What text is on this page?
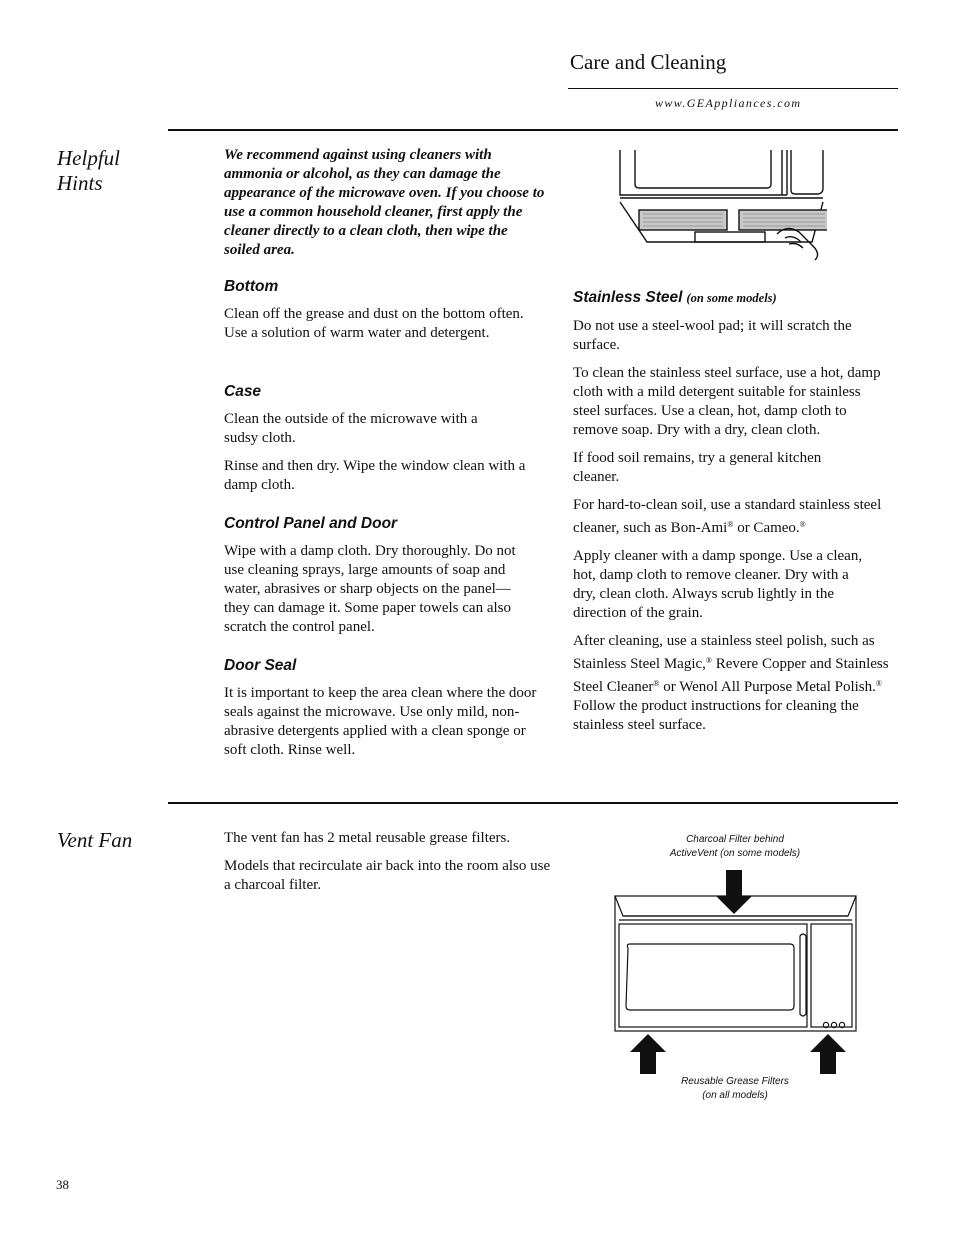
Care and Cleaning
www.GEAppliances.com
Helpful
Hints
We recommend against using cleaners with ammonia or alcohol, as they can damage the appearance of the microwave oven. If you choose to use a common household cleaner, first apply the cleaner directly to a clean cloth, then wipe the soiled area.
Bottom

Clean off the grease and dust on the bottom often. Use a solution of warm water and detergent.

Case

Clean the outside of the microwave with a sudsy cloth.

Rinse and then dry. Wipe the window clean with a damp cloth.

Control Panel and Door

Wipe with a damp cloth. Dry thoroughly. Do not use cleaning sprays, large amounts of soap and water, abrasives or sharp objects on the panel—they can damage it. Some paper towels can also scratch the control panel.

Door Seal

It is important to keep the area clean where the door seals against the microwave. Use only mild, non-abrasive detergents applied with a clean sponge or soft cloth. Rinse well.

Stainless Steel (on some models)

Do not use a steel-wool pad; it will scratch the surface.

To clean the stainless steel surface, use a hot, damp cloth with a mild detergent suitable for stainless steel surfaces. Use a clean, hot, damp cloth to remove soap. Dry with a dry, clean cloth.

If food soil remains, try a general kitchen cleaner.

For hard-to-clean soil, use a standard stainless steel cleaner, such as Bon-Ami® or Cameo.®

Apply cleaner with a damp sponge. Use a clean, hot, damp cloth to remove cleaner. Dry with a dry, clean cloth. Always scrub lightly in the direction of the grain.

After cleaning, use a stainless steel polish, such as Stainless Steel Magic,® Revere Copper and Stainless Steel Cleaner® or Wenol All Purpose Metal Polish.® Follow the product instructions for cleaning the stainless steel surface.

Vent Fan	The vent fan has 2 metal reusable grease filters.

Models that recirculate air back into the room also use a charcoal filter.

Charcoal Filter behind
ActiveVent (on some models)
Reusable Grease Filters
(on all models)
38
